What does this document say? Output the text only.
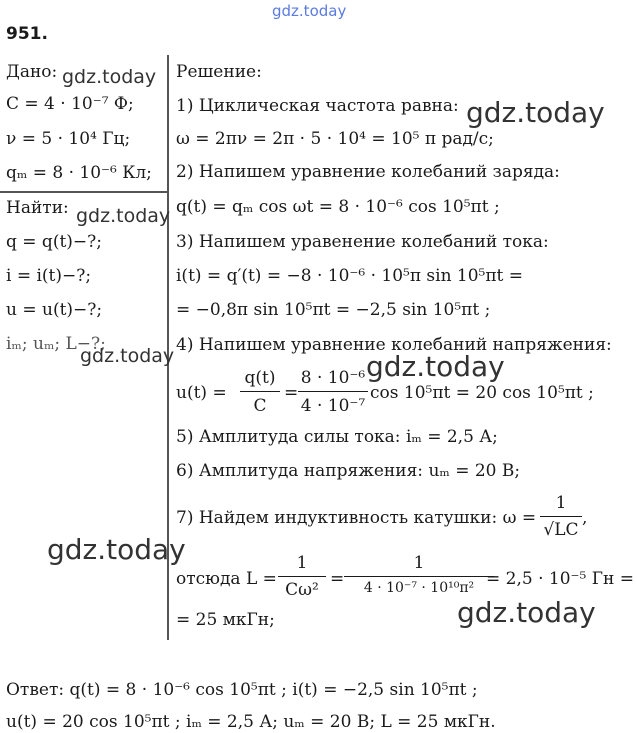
gdz.today
951.
Дано:
C = 4 · 10⁻⁷ Ф;
ν = 5 · 10⁴ Гц;
qₘ = 8 · 10⁻⁶ Кл;
Найти:
q = q(t)−?;
i = i(t)−?;
u = u(t)−?;
iₘ; uₘ; L−?;
Решение:
1) Циклическая частота равна:
ω = 2πν = 2π · 5 · 10⁴ = 10⁵ π рад/с;
2) Напишем уравнение колебаний заряда:
q(t) = qₘ cos ωt = 8 · 10⁻⁶ cos 10⁵πt ;
3) Напишем уравенение колебаний тока:
i(t) = q′(t) = −8 · 10⁻⁶ · 10⁵π sin 10⁵πt =
= −0,8π sin 10⁵πt = −2,5 sin 10⁵πt ;
4) Напишем уравнение колебаний напряжения:
u(t) =
q(t)
C
=
8 · 10⁻⁶
4 · 10⁻⁷
cos 10⁵πt = 20 cos 10⁵πt ;
5) Амплитуда силы тока: iₘ = 2,5 А;
6) Амплитуда напряжения: uₘ = 20 В;
7) Найдем индуктивность катушки: ω =
1
√LC
,
отсюда L =
1
Cω²
=
1
4 · 10⁻⁷ · 10¹⁰π² = 2,5 · 10⁻⁵ Гн =
= 25 мкГн;
Ответ: q(t) = 8 · 10⁻⁶ cos 10⁵πt ; i(t) = −2,5 sin 10⁵πt ;
u(t) = 20 cos 10⁵πt ; iₘ = 2,5 А; uₘ = 20 В; L = 25 мкГн.
gdz.today
gdz.today
gdz.today
gdz.today	gdz.today
gdz.today
gdz.today
